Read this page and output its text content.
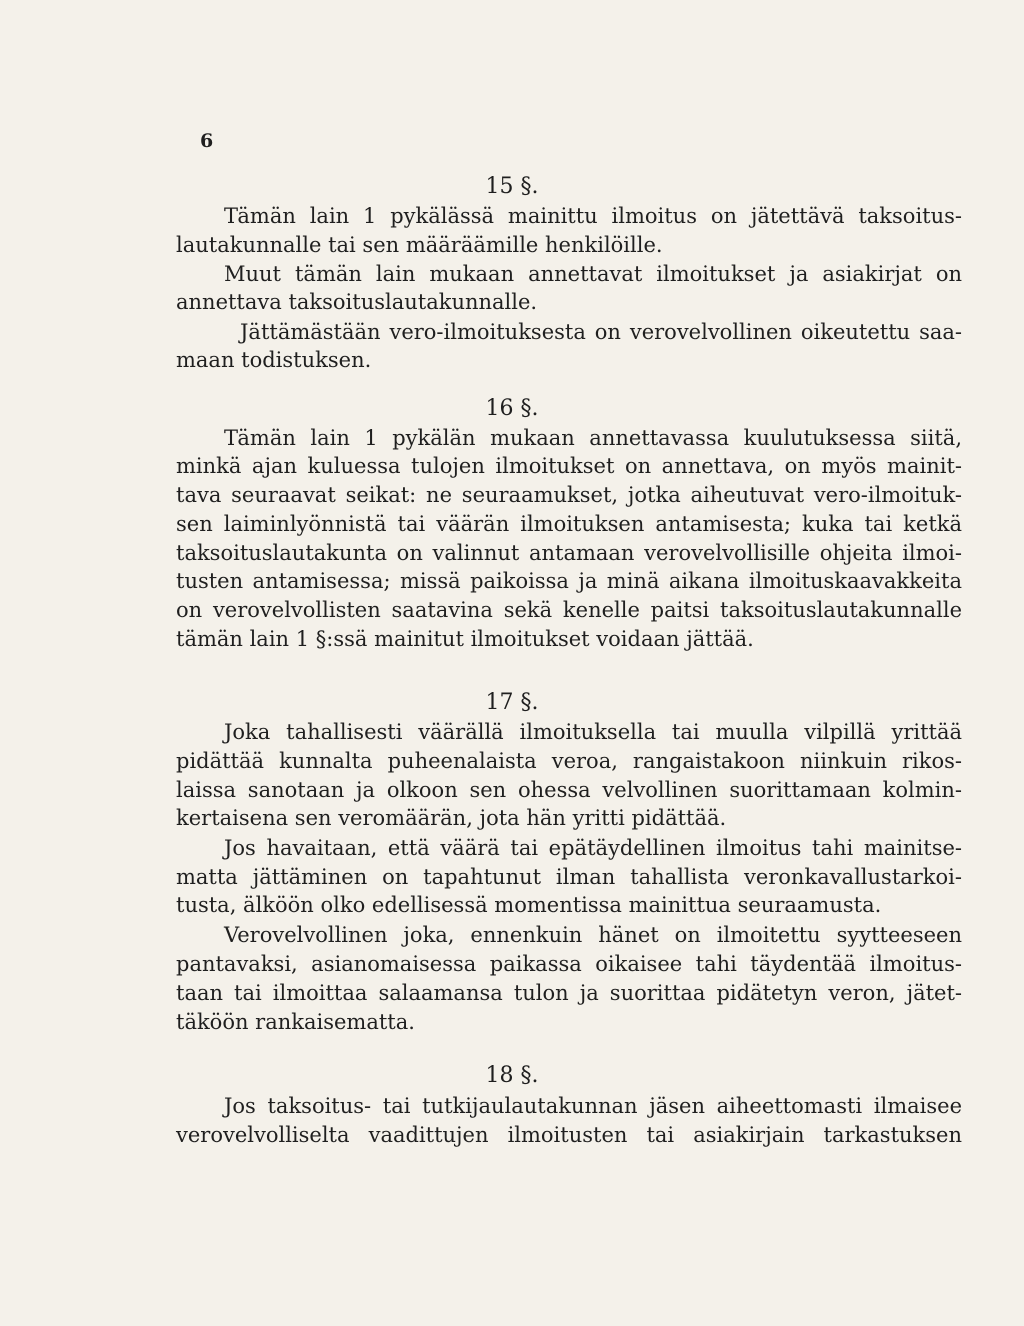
6
15 §.
Tämän lain 1 pykälässä mainittu ilmoitus on jätettävä taksoitus-
lautakunnalle tai sen määräämille henkilöille.
Muut tämän lain mukaan annettavat ilmoitukset ja asiakirjat on
annettava taksoituslautakunnalle.
Jättämästään vero-ilmoituksesta on verovelvollinen oikeutettu saa-
maan todistuksen.
16 §.
Tämän lain 1 pykälän mukaan annettavassa kuulutuksessa siitä,
minkä ajan kuluessa tulojen ilmoitukset on annettava, on myös mainit-
tava seuraavat seikat: ne seuraamukset, jotka aiheutuvat vero-ilmoituk-
sen laiminlyönnistä tai väärän ilmoituksen antamisesta; kuka tai ketkä
taksoituslautakunta on valinnut antamaan verovelvollisille ohjeita ilmoi-
tusten antamisessa; missä paikoissa ja minä aikana ilmoituskaavakkeita
on verovelvollisten saatavina sekä kenelle paitsi taksoituslautakunnalle
tämän lain 1 §:ssä mainitut ilmoitukset voidaan jättää.
17 §.
Joka tahallisesti väärällä ilmoituksella tai muulla vilpillä yrittää
pidättää kunnalta puheenalaista veroa, rangaistakoon niinkuin rikos-
laissa sanotaan ja olkoon sen ohessa velvollinen suorittamaan kolmin-
kertaisena sen veromäärän, jota hän yritti pidättää.
Jos havaitaan, että väärä tai epätäydellinen ilmoitus tahi mainitse-
matta jättäminen on tapahtunut ilman tahallista veronkavallustarkoi-
tusta, älköön olko edellisessä momentissa mainittua seuraamusta.
Verovelvollinen joka, ennenkuin hänet on ilmoitettu syytteeseen
pantavaksi, asianomaisessa paikassa oikaisee tahi täydentää ilmoitus-
taan tai ilmoittaa salaamansa tulon ja suorittaa pidätetyn veron, jätet-
täköön rankaisematta.
18 §.
Jos taksoitus- tai tutkijaulautakunnan jäsen aiheettomasti ilmaisee
verovelvolliselta vaadittujen ilmoitusten tai asiakirjain tarkastuksen
